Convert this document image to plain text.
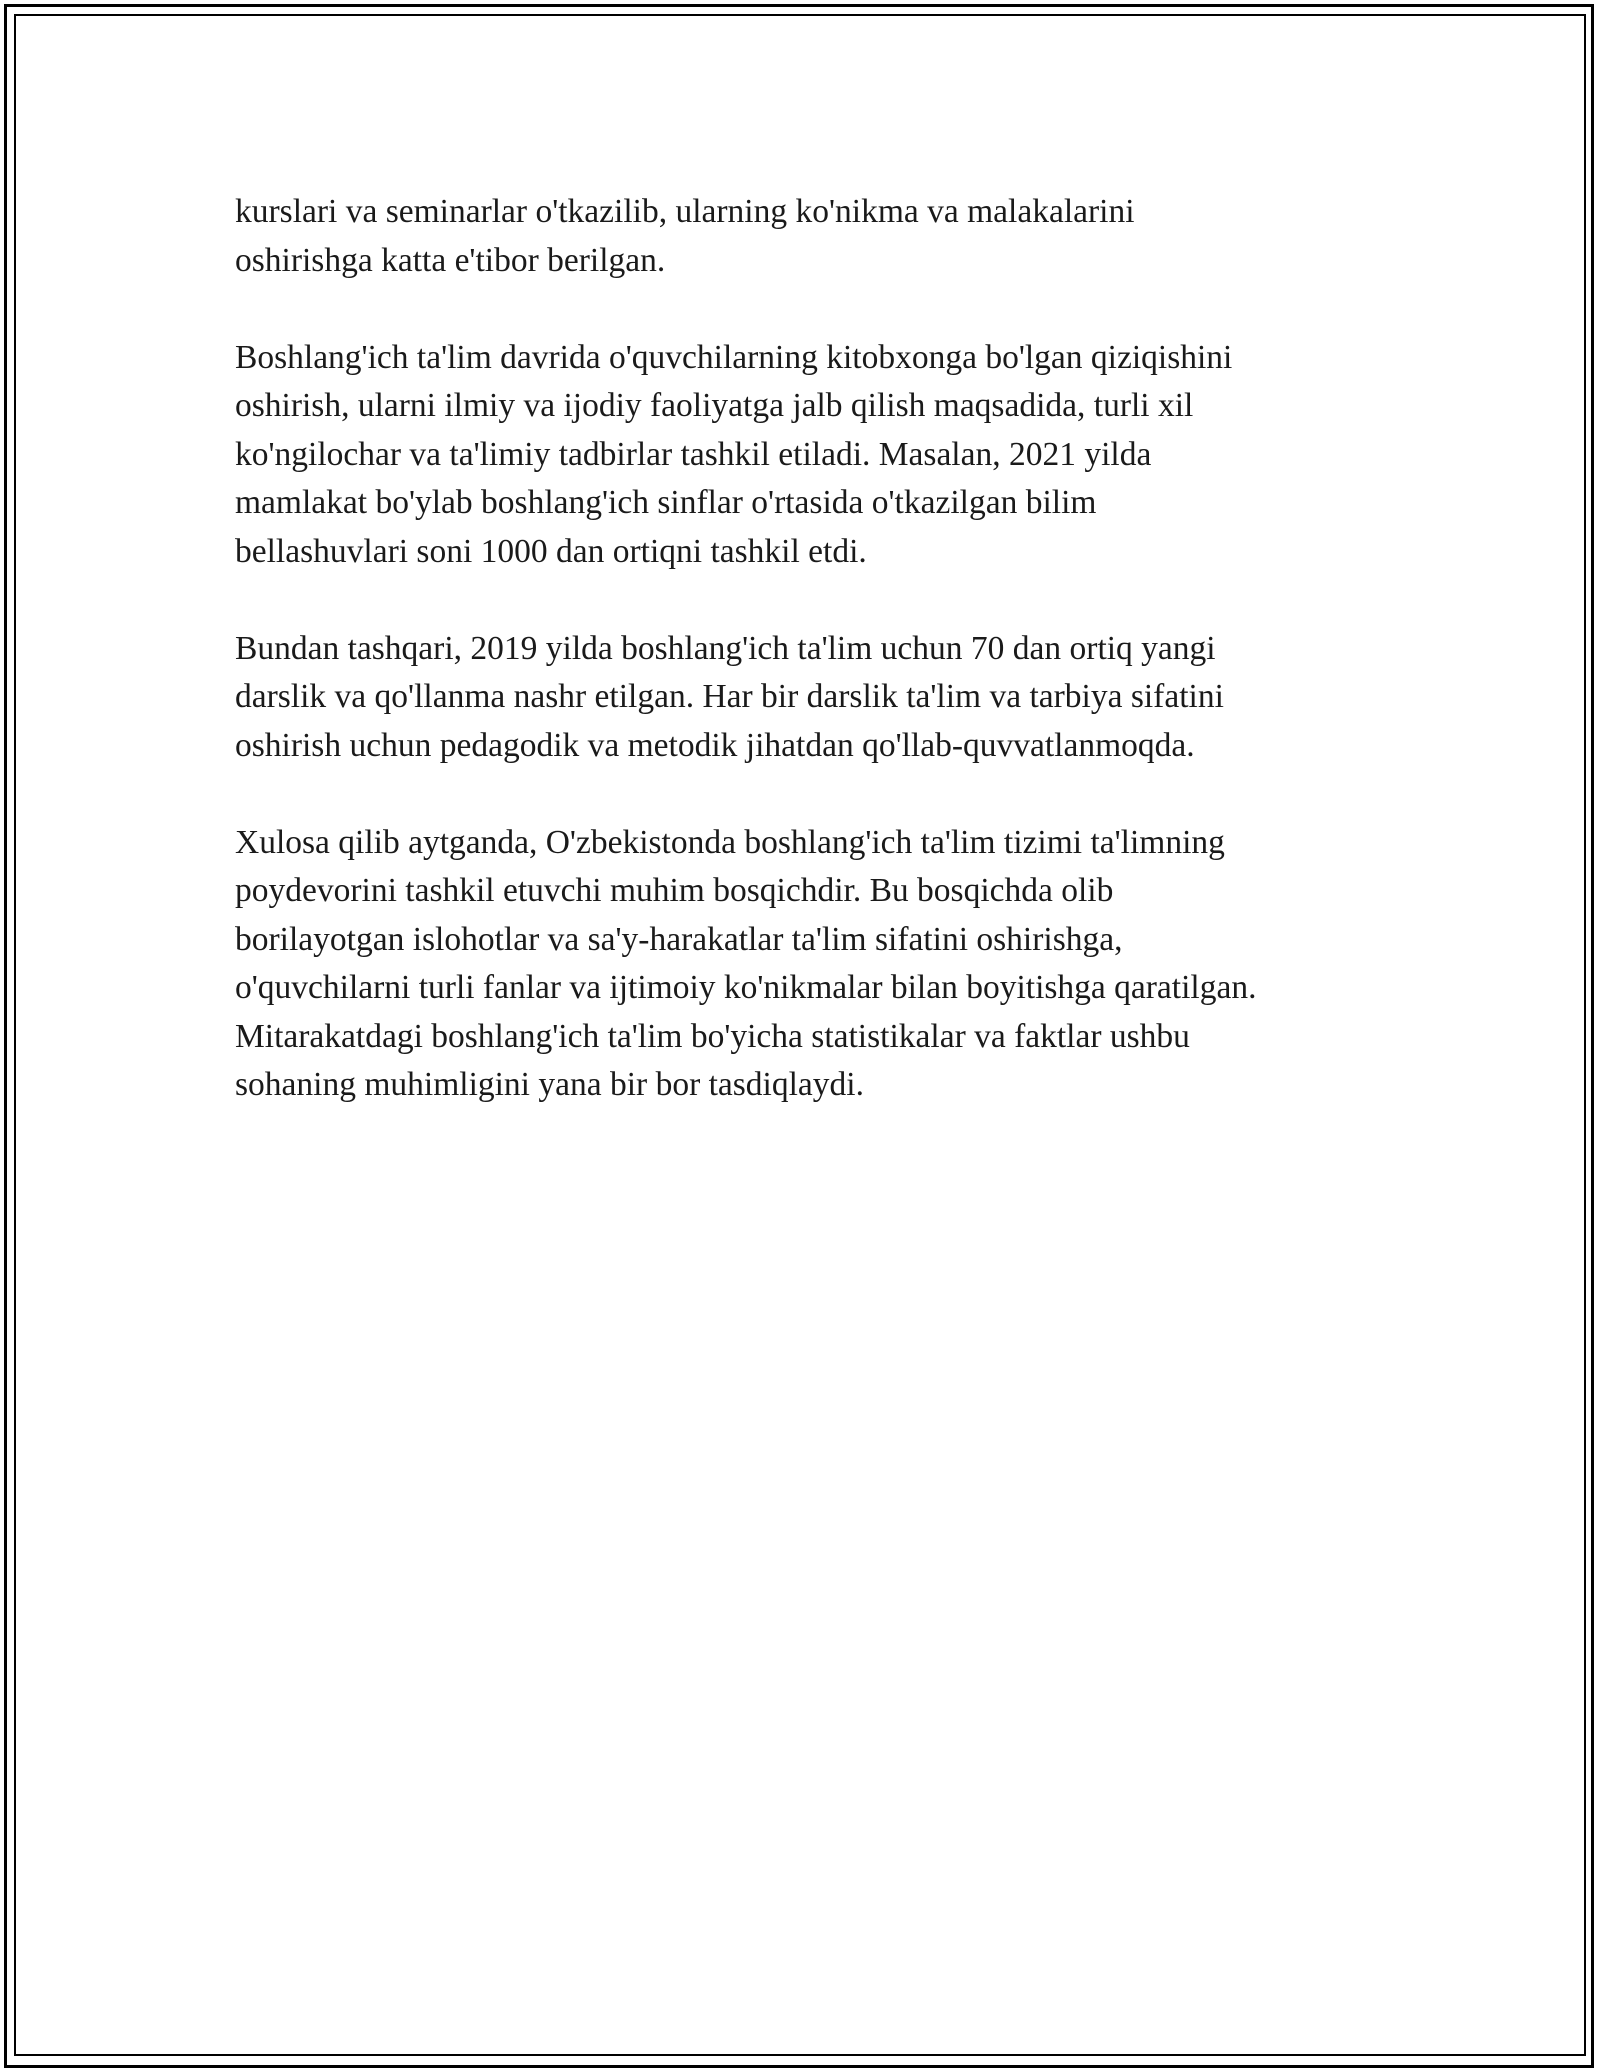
kurslari va seminarlar o'tkazilib, ularning ko'nikma va malakalarini
oshirishga katta e'tibor berilgan.

Boshlang'ich ta'lim davrida o'quvchilarning kitobxonga bo'lgan qiziqishini
oshirish, ularni ilmiy va ijodiy faoliyatga jalb qilish maqsadida, turli xil
ko'ngilochar va ta'limiy tadbirlar tashkil etiladi. Masalan, 2021 yilda
mamlakat bo'ylab boshlang'ich sinflar o'rtasida o'tkazilgan bilim
bellashuvlari soni 1000 dan ortiqni tashkil etdi.

Bundan tashqari, 2019 yilda boshlang'ich ta'lim uchun 70 dan ortiq yangi
darslik va qo'llanma nashr etilgan. Har bir darslik ta'lim va tarbiya sifatini
oshirish uchun pedagodik va metodik jihatdan qo'llab-quvvatlanmoqda.

Xulosa qilib aytganda, O'zbekistonda boshlang'ich ta'lim tizimi ta'limning
poydevorini tashkil etuvchi muhim bosqichdir. Bu bosqichda olib
borilayotgan islohotlar va sa'y-harakatlar ta'lim sifatini oshirishga,
o'quvchilarni turli fanlar va ijtimoiy ko'nikmalar bilan boyitishga qaratilgan.
Mitarakatdagi boshlang'ich ta'lim bo'yicha statistikalar va faktlar ushbu
sohaning muhimligini yana bir bor tasdiqlaydi.
